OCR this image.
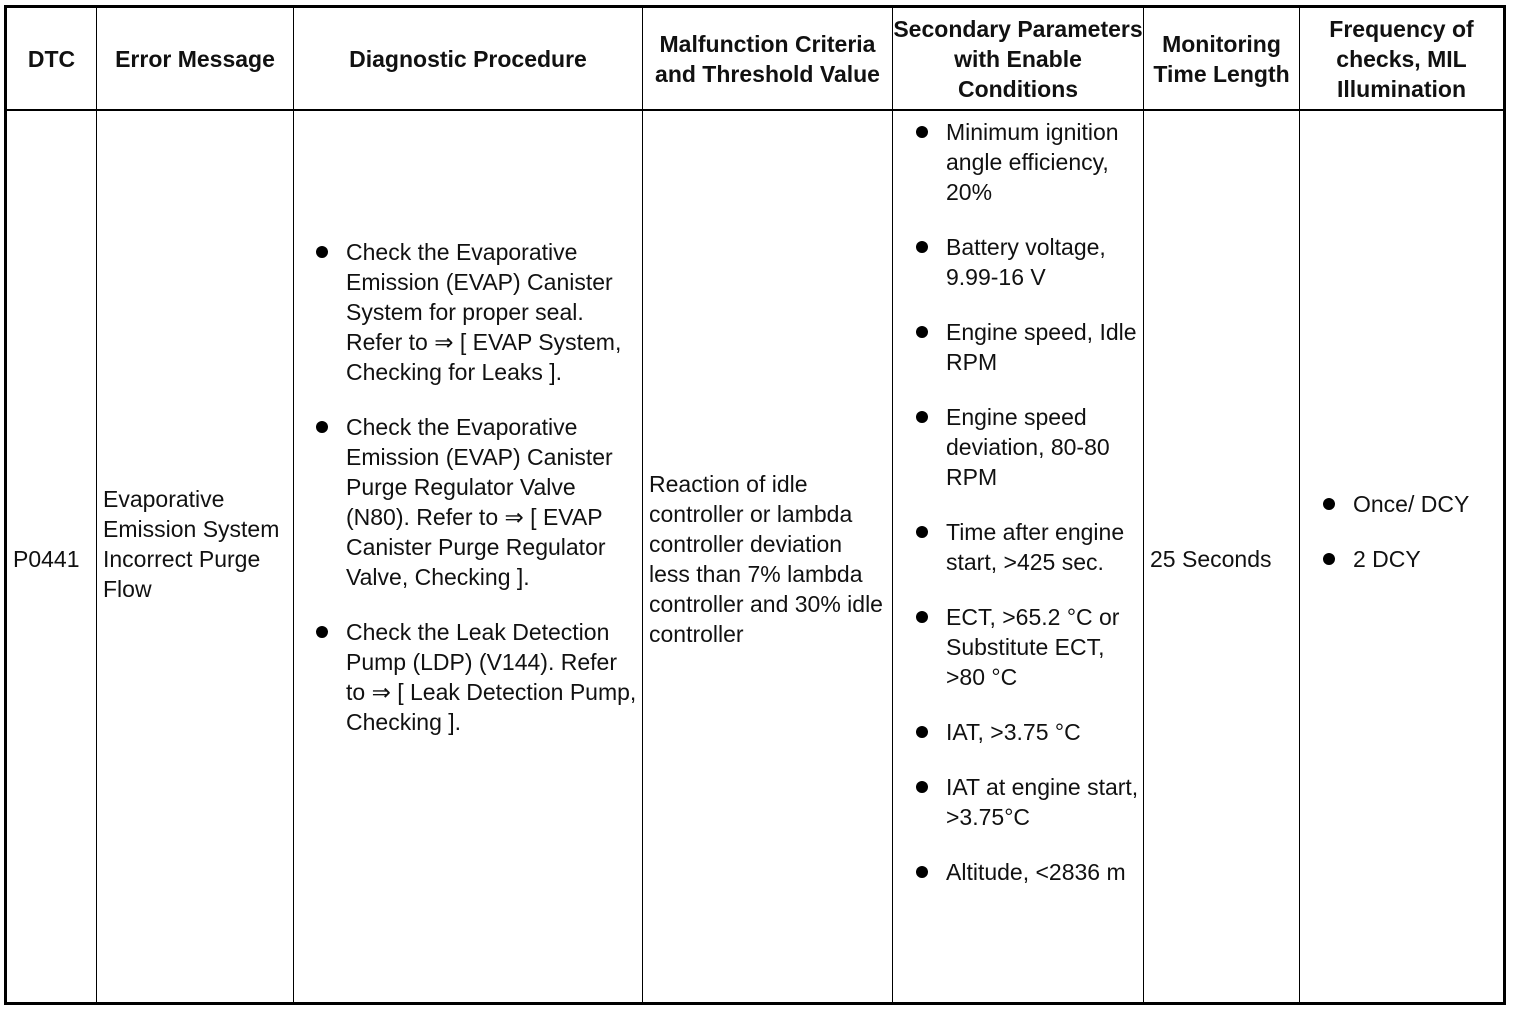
DTC	Error Message	Diagnostic Procedure
Malfunction Criteria and Threshold Value
Secondary Parameters with Enable Conditions
Monitoring Time Length
Frequency of checks, MIL Illumination
P0441
Evaporative Emission System Incorrect Purge Flow
Check the Evaporative Emission (EVAP) Canister System for proper seal. Refer to ⇒ [ EVAP System, Checking for Leaks ].
Check the Evaporative Emission (EVAP) Canister Purge Regulator Valve (N80). Refer to ⇒ [ EVAP Canister Purge Regulator Valve, Checking ].
Check the Leak Detection Pump (LDP) (V144). Refer to ⇒ [ Leak Detection Pump, Checking ].
Reaction of idle controller or lambda controller deviation less than 7% lambda controller and 30% idle controller
Minimum ignition angle efficiency, 20%
Battery voltage, 9.99-16 V
Engine speed, Idle RPM
Engine speed deviation, 80-80 RPM
Time after engine start, >425 sec.
ECT, >65.2 °C or Substitute ECT, >80 °C
IAT, >3.75 °C
IAT at engine start, >3.75°C
Altitude, <2836 m
25 Seconds
Once/ DCY
2 DCY
